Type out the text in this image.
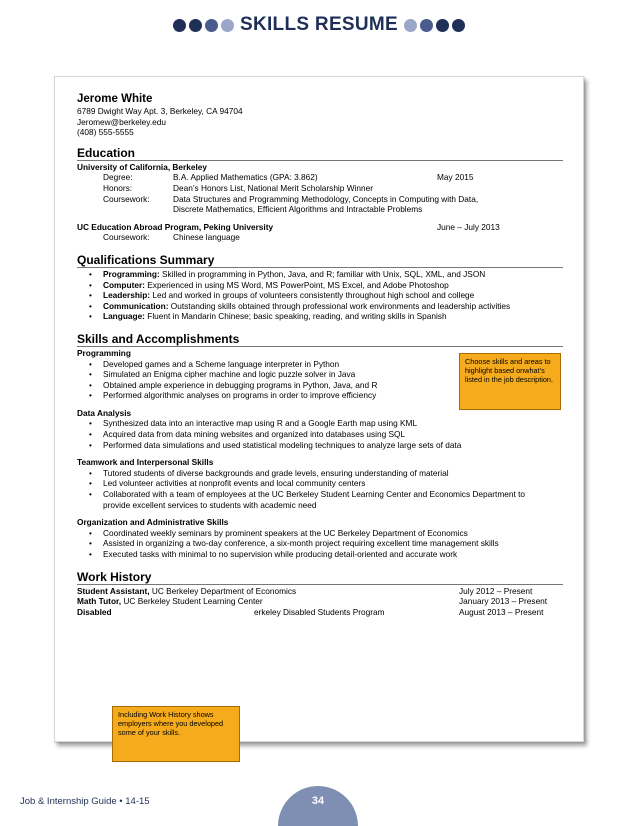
SKILLS RESUME
Jerome White
6789 Dwight Way Apt. 3, Berkeley, CA 94704
Jeromew@berkeley.edu
(408) 555-5555
Education
University of California, Berkeley
Degree:	B.A. Applied Mathematics (GPA: 3.862)	May 2015
Honors:	Dean’s Honors List, National Merit Scholarship Winner
Coursework:	Data Structures and Programming Methodology, Concepts in Computing with Data,
Discrete Mathematics, Efficient Algorithms and Intractable Problems
UC Education Abroad Program, Peking University	June – July 2013
Coursework:	Chinese language
Qualifications Summary
• Programming: Skilled in programming in Python, Java, and R; familiar with Unix, SQL, XML, and JSON
• Computer: Experienced in using MS Word, MS PowerPoint, MS Excel, and Adobe Photoshop
• Leadership: Led and worked in groups of volunteers consistently throughout high school and college
• Communication: Outstanding skills obtained through professional work environments and leadership activities
• Language: Fluent in Mandarin Chinese; basic speaking, reading, and writing skills in Spanish
Skills and Accomplishments
Programming
• Developed games and a Scheme language interpreter in Python
• Simulated an Enigma cipher machine and logic puzzle solver in Java
• Obtained ample experience in debugging programs in Python, Java, and R
• Performed algorithmic analyses on programs in order to improve efficiency
Data Analysis
• Synthesized data into an interactive map using R and a Google Earth map using KML
• Acquired data from data mining websites and organized into databases using SQL
• Performed data simulations and used statistical modeling techniques to analyze large sets of data
Teamwork and Interpersonal Skills
• Tutored students of diverse backgrounds and grade levels, ensuring understanding of material
• Led volunteer activities at nonprofit events and local community centers
• Collaborated with a team of employees at the UC Berkeley Student Learning Center and Economics Department to
provide excellent services to students with academic need
Organization and Administrative Skills
• Coordinated weekly seminars by prominent speakers at the UC Berkeley Department of Economics
• Assisted in organizing a two-day conference, a six-month project requiring excellent time management skills
• Executed tasks with minimal to no supervision while producing detail-oriented and accurate work
Work History
Student Assistant, UC Berkeley Department of Economics	July 2012 – Present
Math Tutor, UC Berkeley Student Learning Center	January 2013 – Present
Disabled	erkeley Disabled Students Program	August 2013 – Present
Choose skills and areas to highlight based onwhat’s listed in the job description.
Including Work History shows employers where you developed some of your skills.
Job & Internship Guide • 14-15	34
